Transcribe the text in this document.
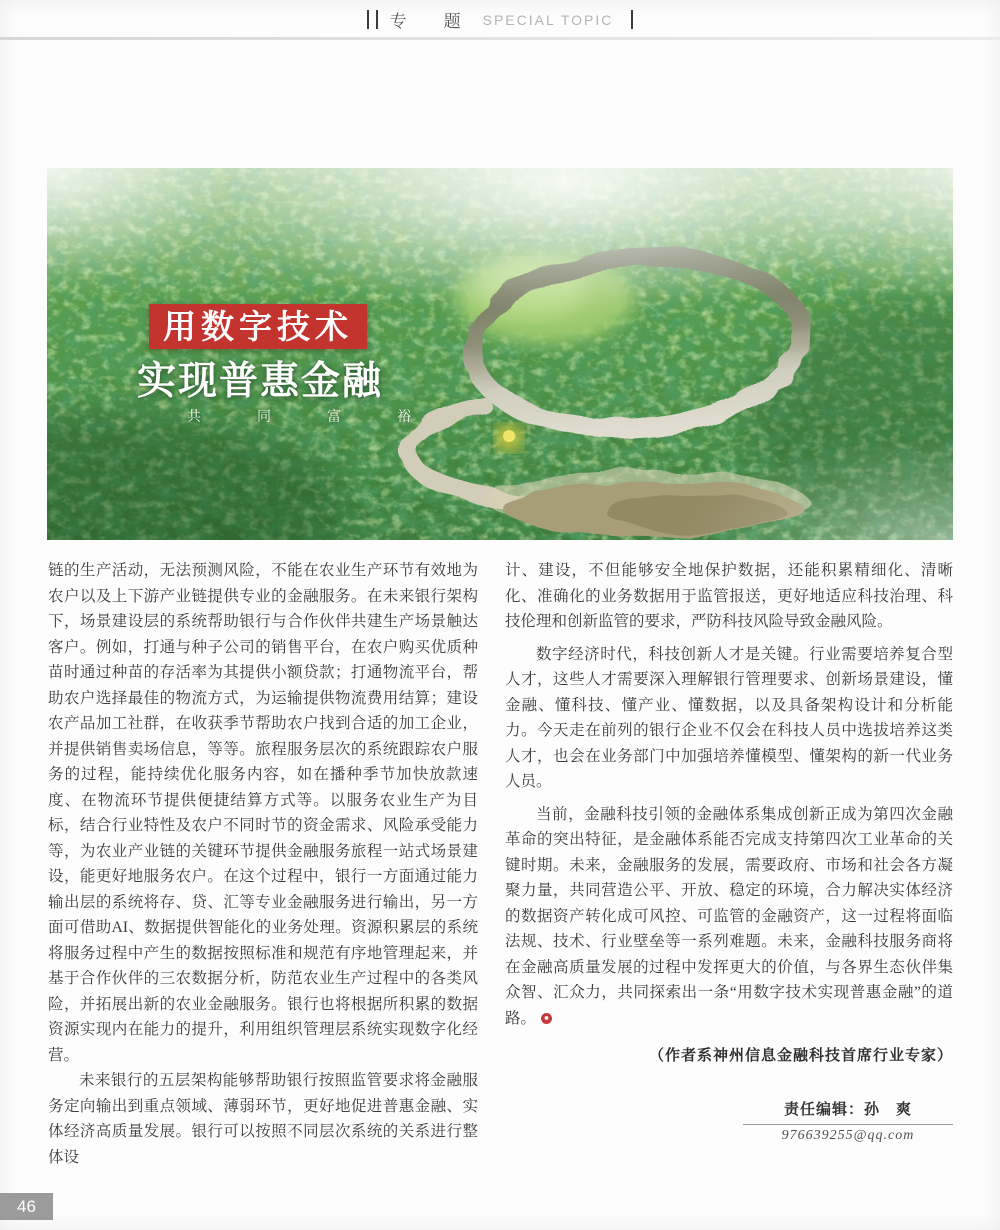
专　题 SPECIAL TOPIC
用数字技术
实现普惠金融
共　同　富　裕

链的生产活动，无法预测风险，不能在农业生产环节有效地为农户以及上下游产业链提供专业的金融服务。在未来银行架构下，场景建设层的系统帮助银行与合作伙伴共建生产场景触达客户。例如，打通与种子公司的销售平台，在农户购买优质种苗时通过种苗的存活率为其提供小额贷款；打通物流平台，帮助农户选择最佳的物流方式，为运输提供物流费用结算；建设农产品加工社群，在收获季节帮助农户找到合适的加工企业，并提供销售卖场信息，等等。旅程服务层次的系统跟踪农户服务的过程，能持续优化服务内容，如在播种季节加快放款速度、在物流环节提供便捷结算方式等。以服务农业生产为目标，结合行业特性及农户不同时节的资金需求、风险承受能力等，为农业产业链的关键环节提供金融服务旅程一站式场景建设，能更好地服务农户。在这个过程中，银行一方面通过能力输出层的系统将存、贷、汇等专业金融服务进行输出，另一方面可借助AI、数据提供智能化的业务处理。资源积累层的系统将服务过程中产生的数据按照标准和规范有序地管理起来，并基于合作伙伴的三农数据分析，防范农业生产过程中的各类风险，并拓展出新的农业金融服务。银行也将根据所积累的数据资源实现内在能力的提升，利用组织管理层系统实现数字化经营。

未来银行的五层架构能够帮助银行按照监管要求将金融服务定向输出到重点领域、薄弱环节，更好地促进普惠金融、实体经济高质量发展。银行可以按照不同层次系统的关系进行整体设

计、建设，不但能够安全地保护数据，还能积累精细化、清晰化、准确化的业务数据用于监管报送，更好地适应科技治理、科技伦理和创新监管的要求，严防科技风险导致金融风险。

数字经济时代，科技创新人才是关键。行业需要培养复合型人才，这些人才需要深入理解银行管理要求、创新场景建设，懂金融、懂科技、懂产业、懂数据，以及具备架构设计和分析能力。今天走在前列的银行企业不仅会在科技人员中选拔培养这类人才，也会在业务部门中加强培养懂模型、懂架构的新一代业务人员。

当前，金融科技引领的金融体系集成创新正成为第四次金融革命的突出特征，是金融体系能否完成支持第四次工业革命的关键时期。未来，金融服务的发展，需要政府、市场和社会各方凝聚力量，共同营造公平、开放、稳定的环境，合力解决实体经济的数据资产转化成可风控、可监管的金融资产，这一过程将面临法规、技术、行业壁垒等一系列难题。未来，金融科技服务商将在金融高质量发展的过程中发挥更大的价值，与各界生态伙伴集众智、汇众力，共同探索出一条“用数字技术实现普惠金融”的道路。

（作者系神州信息金融科技首席行业专家）
责任编辑：孙　爽
976639255@qq.com
46
